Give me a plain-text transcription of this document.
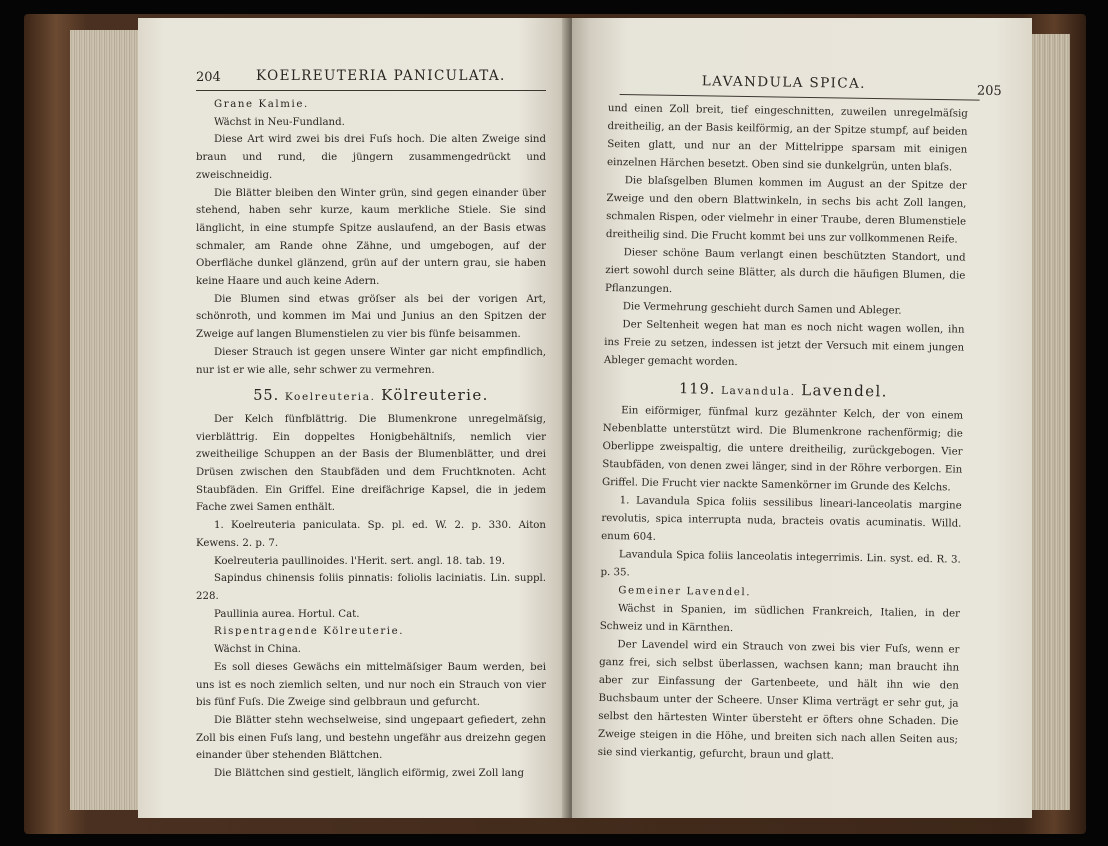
204	KOELREUTERIA PANICULATA.

Grane Kalmie.

Wächst in Neu-Fundland.

Diese Art wird zwei bis drei Fuſs hoch. Die alten Zweige sind braun und rund, die jüngern zusammengedrückt und zweischneidig.

Die Blätter bleiben den Winter grün, sind gegen einander über stehend, haben sehr kurze, kaum merkliche Stiele. Sie sind länglicht, in eine stumpfe Spitze auslaufend, an der Basis etwas schmaler, am Rande ohne Zähne, und umgebogen, auf der Oberfläche dunkel glänzend, grün auf der untern grau, sie haben keine Haare und auch keine Adern.

Die Blumen sind etwas gröſser als bei der vorigen Art, schönroth, und kommen im Mai und Junius an den Spitzen der Zweige auf langen Blumenstielen zu vier bis fünfe beisammen.

Dieser Strauch ist gegen unsere Winter gar nicht empfindlich, nur ist er wie alle, sehr schwer zu vermehren.

55. Koelreuteria. Kölreuterie.

Der Kelch fünfblättrig. Die Blumenkrone unregelmäſsig, vierblättrig. Ein doppeltes Honigbehältniſs, nemlich vier zweitheilige Schuppen an der Basis der Blumenblätter, und drei Drüsen zwischen den Staubfäden und dem Fruchtknoten. Acht Staubfäden. Ein Griffel. Eine dreifächrige Kapsel, die in jedem Fache zwei Samen enthält.

1. Koelreuteria paniculata. Sp. pl. ed. W. 2. p. 330. Aiton Kewens. 2. p. 7.

Koelreuteria paullinoides. l'Herit. sert. angl. 18. tab. 19.

Sapindus chinensis foliis pinnatis: foliolis laciniatis. Lin. suppl. 228.

Paullinia aurea. Hortul. Cat.

Rispentragende Kölreuterie.

Wächst in China.

Es soll dieses Gewächs ein mittelmäſsiger Baum werden, bei uns ist es noch ziemlich selten, und nur noch ein Strauch von vier bis fünf Fuſs. Die Zweige sind gelbbraun und gefurcht.

Die Blätter stehn wechselweise, sind ungepaart gefiedert, zehn Zoll bis einen Fuſs lang, und bestehn ungefähr aus dreizehn gegen einander über stehenden Blättchen.

Die Blättchen sind gestielt, länglich eiförmig, zwei Zoll lang

LAVANDULA SPICA.	205

und einen Zoll breit, tief eingeschnitten, zuweilen unregelmäſsig dreitheilig, an der Basis keilförmig, an der Spitze stumpf, auf beiden Seiten glatt, und nur an der Mittelrippe sparsam mit einigen einzelnen Härchen besetzt. Oben sind sie dunkelgrün, unten blaſs.

Die blaſsgelben Blumen kommen im August an der Spitze der Zweige und den obern Blattwinkeln, in sechs bis acht Zoll langen, schmalen Rispen, oder vielmehr in einer Traube, deren Blumenstiele dreitheilig sind. Die Frucht kommt bei uns zur vollkommenen Reife.

Dieser schöne Baum verlangt einen beschützten Standort, und ziert sowohl durch seine Blätter, als durch die häufigen Blumen, die Pflanzungen.

Die Vermehrung geschieht durch Samen und Ableger.

Der Seltenheit wegen hat man es noch nicht wagen wollen, ihn ins Freie zu setzen, indessen ist jetzt der Versuch mit einem jungen Ableger gemacht worden.

119. Lavandula. Lavendel.

Ein eiförmiger, fünfmal kurz gezähnter Kelch, der von einem Nebenblatte unterstützt wird. Die Blumenkrone rachenförmig; die Oberlippe zweispaltig, die untere dreitheilig, zurückgebogen. Vier Staubfäden, von denen zwei länger, sind in der Röhre verborgen. Ein Griffel. Die Frucht vier nackte Samenkörner im Grunde des Kelchs.

1. Lavandula Spica foliis sessilibus lineari-lanceolatis margine revolutis, spica interrupta nuda, bracteis ovatis acuminatis. Willd. enum 604.

Lavandula Spica foliis lanceolatis integerrimis. Lin. syst. ed. R. 3. p. 35.

Gemeiner Lavendel.

Wächst in Spanien, im südlichen Frankreich, Italien, in der Schweiz und in Kärnthen.

Der Lavendel wird ein Strauch von zwei bis vier Fuſs, wenn er ganz frei, sich selbst überlassen, wachsen kann; man braucht ihn aber zur Einfassung der Gartenbeete, und hält ihn wie den Buchsbaum unter der Scheere. Unser Klima verträgt er sehr gut, ja selbst den härtesten Winter übersteht er öfters ohne Schaden. Die Zweige steigen in die Höhe, und breiten sich nach allen Seiten aus; sie sind vierkantig, gefurcht, braun und glatt.
